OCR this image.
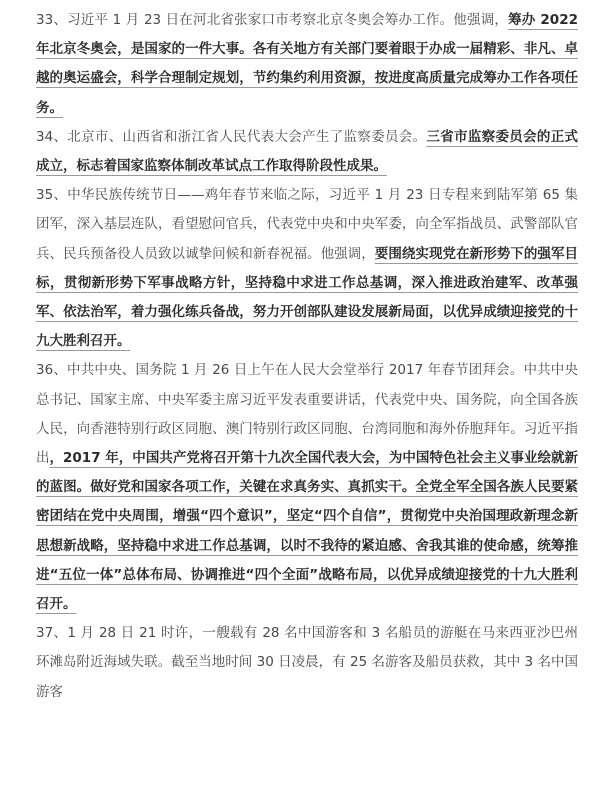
33、习近平 1 月 23 日在河北省张家口市考察北京冬奥会筹办工作。他强调，筹办 2022 年北京冬奥会，是国家的一件大事。各有关地方有关部门要着眼于办成一届精彩、非凡、卓越的奥运盛会，科学合理制定规划，节约集约利用资源，按进度高质量完成筹办工作各项任务。

34、北京市、山西省和浙江省人民代表大会产生了监察委员会。三省市监察委员会的正式成立，标志着国家监察体制改革试点工作取得阶段性成果。

35、中华民族传统节日——鸡年春节来临之际，习近平 1 月 23 日专程来到陆军第 65 集团军，深入基层连队，看望慰问官兵，代表党中央和中央军委，向全军指战员、武警部队官兵、民兵预备役人员致以诚挚问候和新春祝福。他强调，要围绕实现党在新形势下的强军目标，贯彻新形势下军事战略方针，坚持稳中求进工作总基调，深入推进政治建军、改革强军、依法治军，着力强化练兵备战，努力开创部队建设发展新局面，以优异成绩迎接党的十九大胜利召开。

36、中共中央、国务院 1 月 26 日上午在人民大会堂举行 2017 年春节团拜会。中共中央总书记、国家主席、中央军委主席习近平发表重要讲话，代表党中央、国务院，向全国各族人民，向香港特别行政区同胞、澳门特别行政区同胞、台湾同胞和海外侨胞拜年。习近平指出，2017 年，中国共产党将召开第十九次全国代表大会，为中国特色社会主义事业绘就新的蓝图。做好党和国家各项工作，关键在求真务实、真抓实干。全党全军全国各族人民要紧密团结在党中央周围，增强“四个意识”，坚定“四个自信”，贯彻党中央治国理政新理念新思想新战略，坚持稳中求进工作总基调，以时不我待的紧迫感、舍我其谁的使命感，统筹推进“五位一体”总体布局、协调推进“四个全面”战略布局，以优异成绩迎接党的十九大胜利召开。

37、1 月 28 日 21 时许，一艘载有 28 名中国游客和 3 名船员的游艇在马来西亚沙巴州环滩岛附近海域失联。截至当地时间 30 日凌晨，有 25 名游客及船员获救，其中 3 名中国游客
